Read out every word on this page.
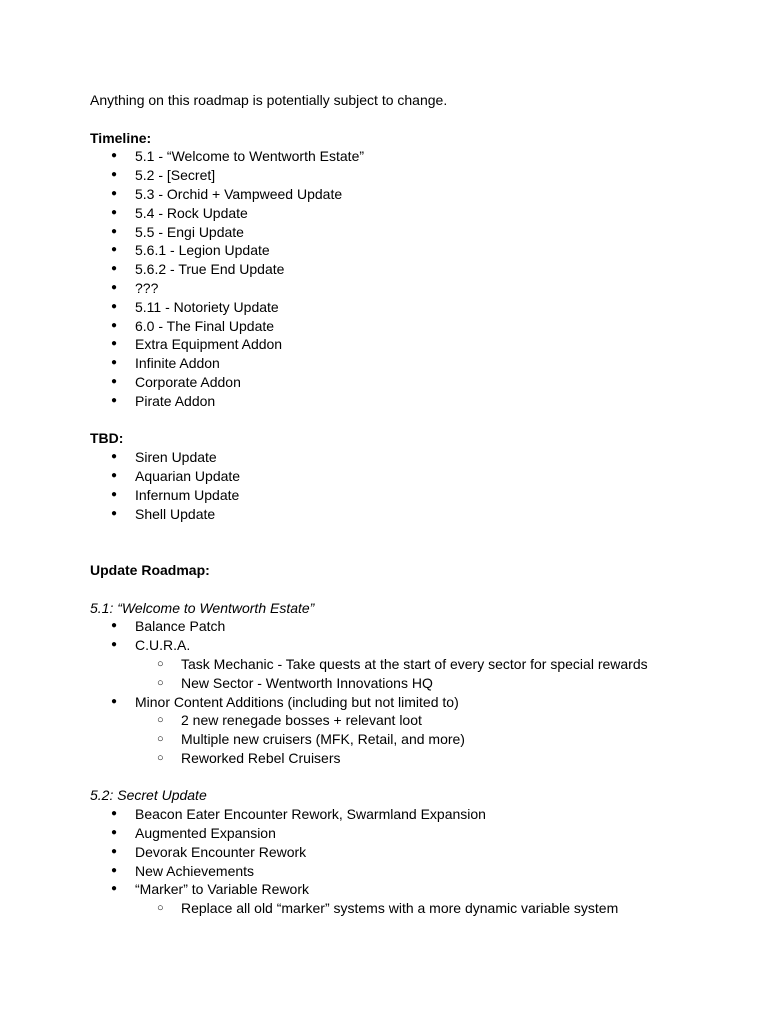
Anything on this roadmap is potentially subject to change.
Timeline:
● 5.1 - “Welcome to Wentworth Estate”
● 5.2 - [Secret]
● 5.3 - Orchid + Vampweed Update
● 5.4 - Rock Update
● 5.5 - Engi Update
● 5.6.1 - Legion Update
● 5.6.2 - True End Update
● ???
● 5.11 - Notoriety Update
● 6.0 - The Final Update
● Extra Equipment Addon
● Infinite Addon
● Corporate Addon
● Pirate Addon
TBD:
● Siren Update
● Aquarian Update
● Infernum Update
● Shell Update
Update Roadmap:
5.1: “Welcome to Wentworth Estate”
● Balance Patch
● C.U.R.A.
○ Task Mechanic - Take quests at the start of every sector for special rewards
○ New Sector - Wentworth Innovations HQ
● Minor Content Additions (including but not limited to)
○ 2 new renegade bosses + relevant loot
○ Multiple new cruisers (MFK, Retail, and more)
○ Reworked Rebel Cruisers
5.2: Secret Update
● Beacon Eater Encounter Rework, Swarmland Expansion
● Augmented Expansion
● Devorak Encounter Rework
● New Achievements
● “Marker” to Variable Rework
○ Replace all old “marker” systems with a more dynamic variable system
